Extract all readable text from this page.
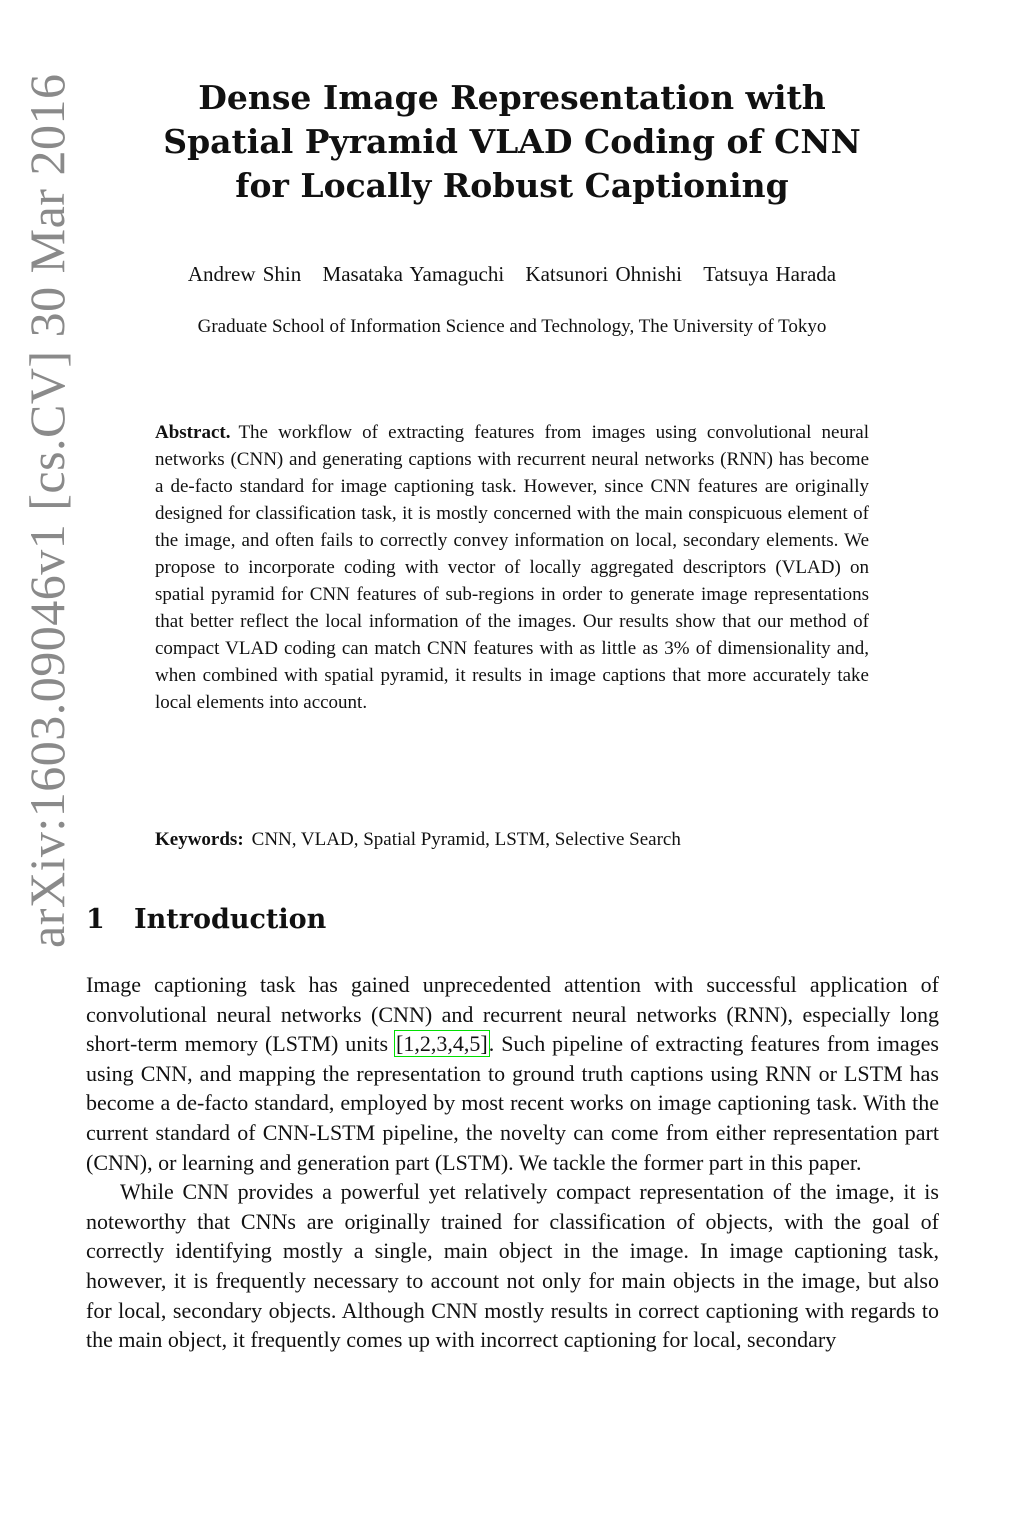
arXiv:1603.09046v1 [cs.CV] 30 Mar 2016	Dense Image Representation with
Spatial Pyramid VLAD Coding of CNN
for Locally Robust Captioning
Andrew Shin Masataka Yamaguchi Katsunori Ohnishi Tatsuya Harada
Graduate School of Information Science and Technology, The University of Tokyo
Abstract. The workflow of extracting features from images using convolutional neural networks (CNN) and generating captions with recurrent neural networks (RNN) has become a de-facto standard for image captioning task. However, since CNN features are originally designed for classification task, it is mostly concerned with the main conspicuous element of the image, and often fails to correctly convey information on local, secondary elements. We propose to incorporate coding with vector of locally aggregated descriptors (VLAD) on spatial pyramid for CNN features of sub-regions in order to generate image representations that better reflect the local information of the images. Our results show that our method of compact VLAD coding can match CNN features with as little as 3% of dimensionality and, when combined with spatial pyramid, it results in image captions that more accurately take local elements into account.
Keywords: CNN, VLAD, Spatial Pyramid, LSTM, Selective Search
1 Introduction

Image captioning task has gained unprecedented attention with successful application of convolutional neural networks (CNN) and recurrent neural networks (RNN), especially long short-term memory (LSTM) units [1,2,3,4,5]. Such pipeline of extracting features from images using CNN, and mapping the representation to ground truth captions using RNN or LSTM has become a de-facto standard, employed by most recent works on image captioning task. With the current standard of CNN-LSTM pipeline, the novelty can come from either representation part (CNN), or learning and generation part (LSTM). We tackle the former part in this paper.

While CNN provides a powerful yet relatively compact representation of the image, it is noteworthy that CNNs are originally trained for classification of objects, with the goal of correctly identifying mostly a single, main object in the image. In image captioning task, however, it is frequently necessary to account not only for main objects in the image, but also for local, secondary objects. Although CNN mostly results in correct captioning with regards to the main object, it frequently comes up with incorrect captioning for local, secondary
